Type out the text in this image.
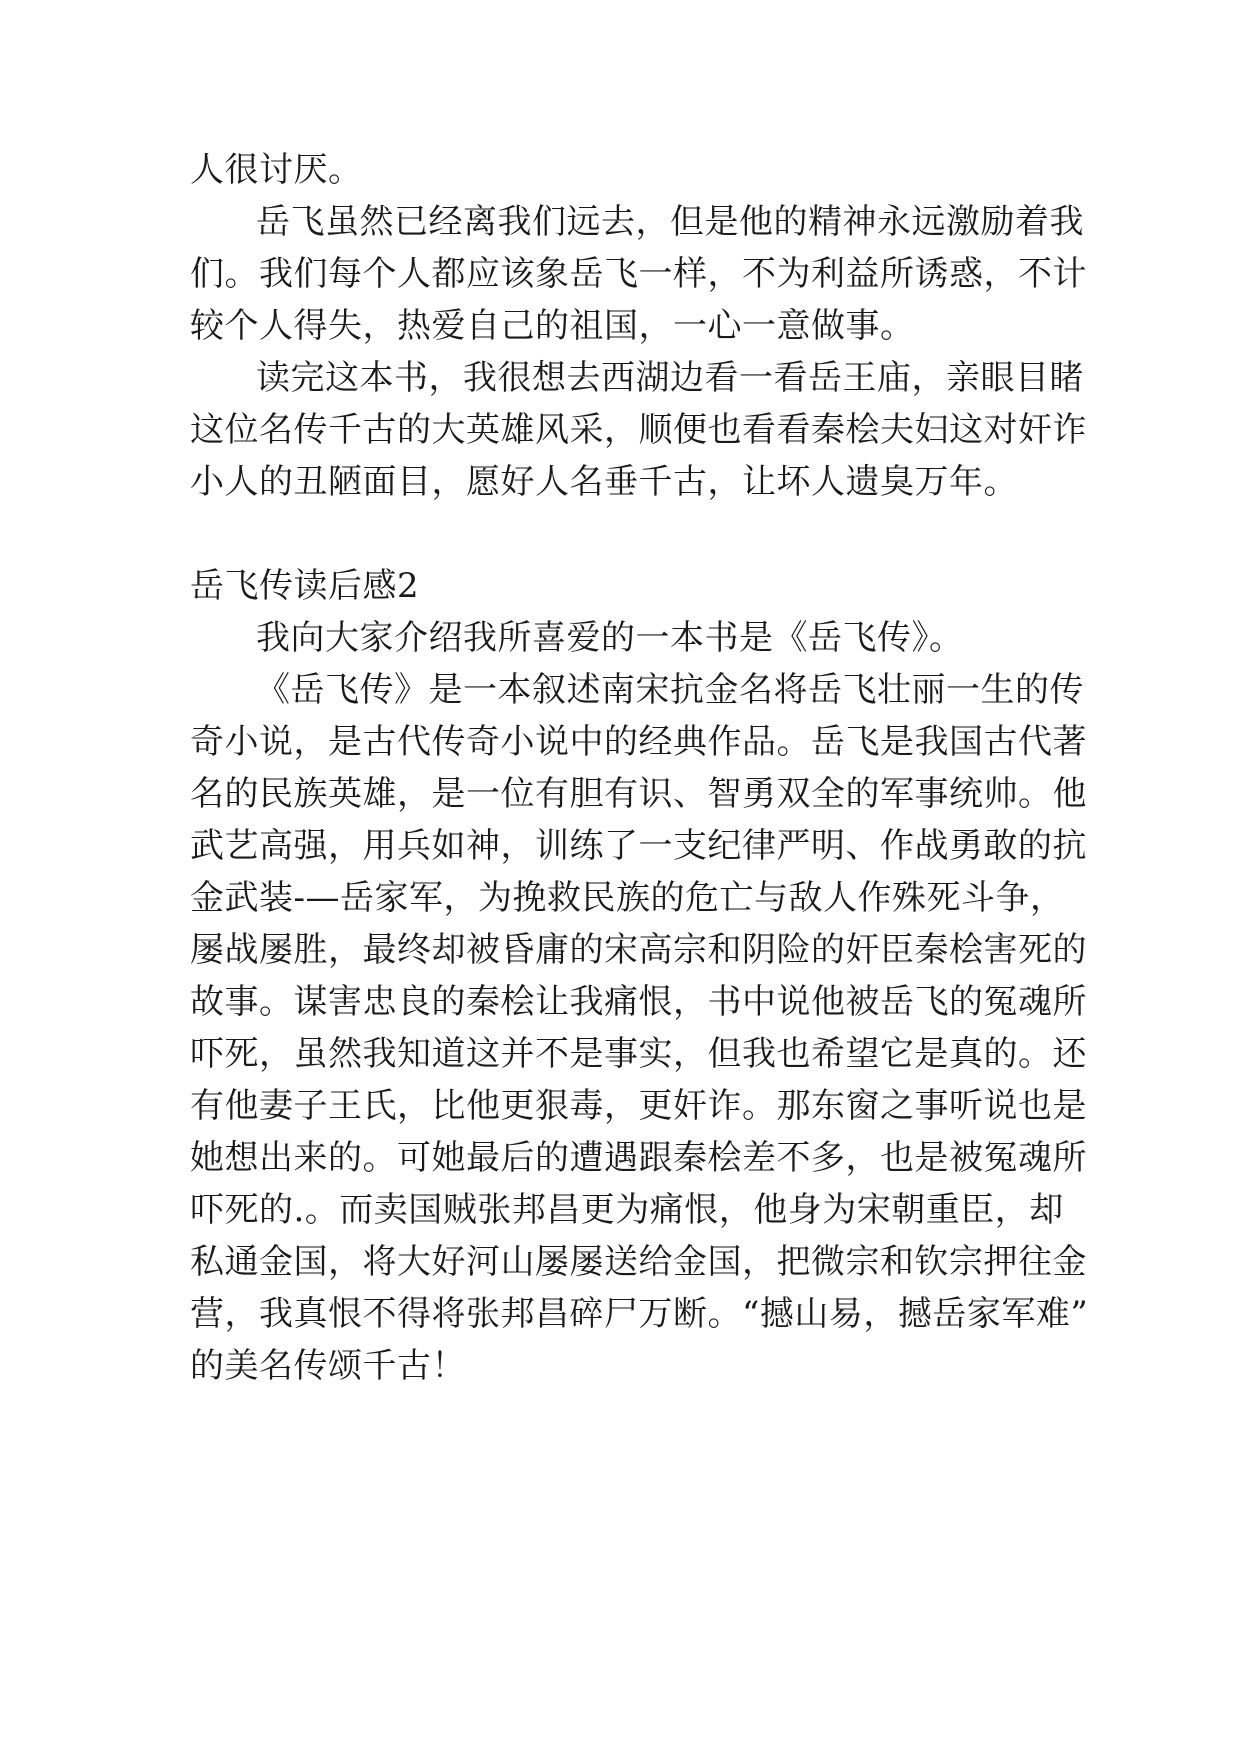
人很讨厌。
岳飞虽然已经离我们远去，但是他的精神永远激励着我
们。我们每个人都应该象岳飞一样，不为利益所诱惑，不计
较个人得失，热爱自己的祖国，一心一意做事。
读完这本书，我很想去西湖边看一看岳王庙，亲眼目睹
这位名传千古的大英雄风采，顺便也看看秦桧夫妇这对奸诈
小人的丑陋面目，愿好人名垂千古，让坏人遗臭万年。
岳飞传读后感2
我向大家介绍我所喜爱的一本书是《岳飞传》。
《岳飞传》是一本叙述南宋抗金名将岳飞壮丽一生的传
奇小说，是古代传奇小说中的经典作品。岳飞是我国古代著
名的民族英雄，是一位有胆有识、智勇双全的军事统帅。他
武艺高强，用兵如神，训练了一支纪律严明、作战勇敢的抗
金武装-—岳家军，为挽救民族的危亡与敌人作殊死斗争，
屡战屡胜，最终却被昏庸的宋高宗和阴险的奸臣秦桧害死的
故事。谋害忠良的秦桧让我痛恨，书中说他被岳飞的冤魂所
吓死，虽然我知道这并不是事实，但我也希望它是真的。还
有他妻子王氏，比他更狠毒，更奸诈。那东窗之事听说也是
她想出来的。可她最后的遭遇跟秦桧差不多，也是被冤魂所
吓死的.。而卖国贼张邦昌更为痛恨，他身为宋朝重臣，却
私通金国，将大好河山屡屡送给金国，把微宗和钦宗押往金
营，我真恨不得将张邦昌碎尸万断。“撼山易，撼岳家军难”
的美名传颂千古！
